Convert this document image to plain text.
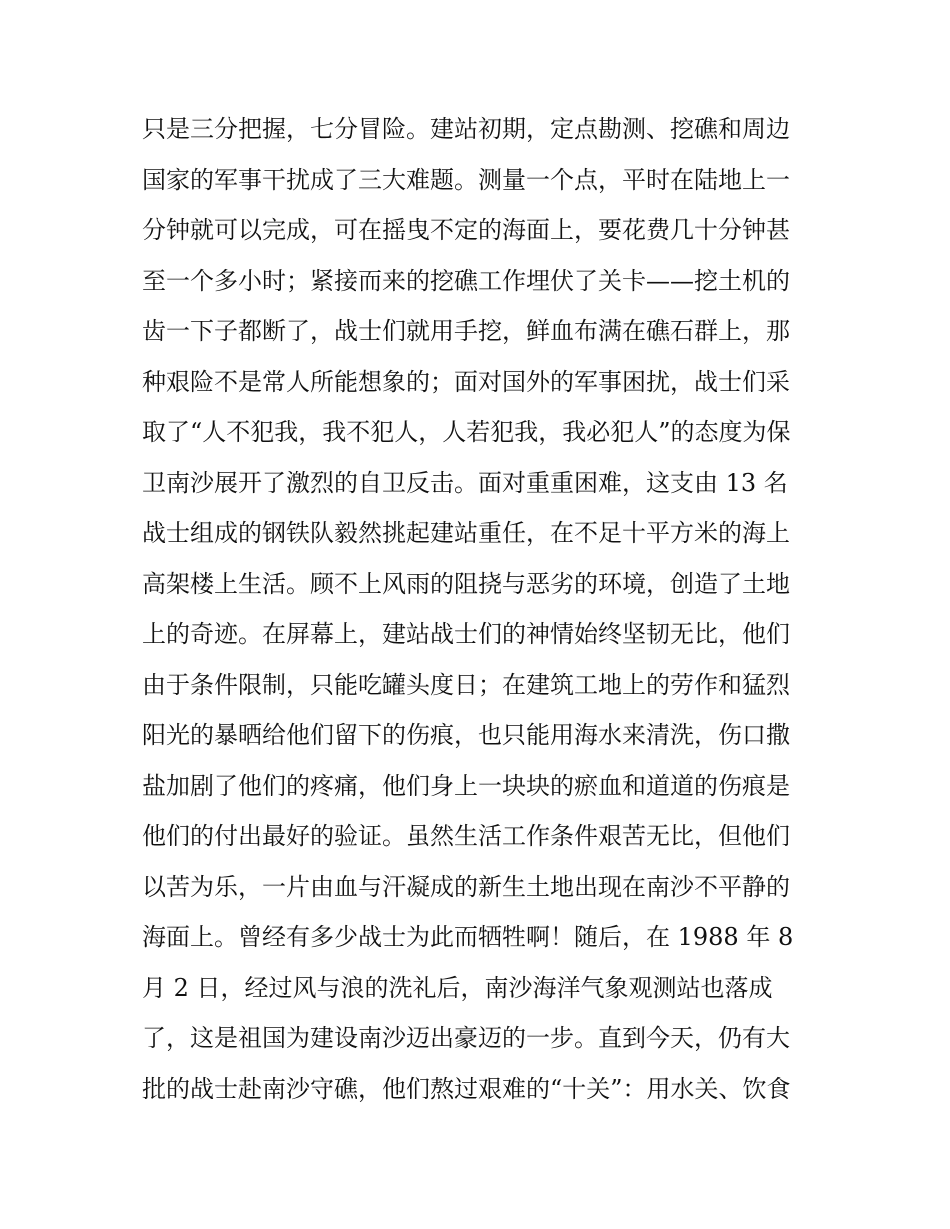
只是三分把握，七分冒险。建站初期，定点勘测、挖礁和周边
国家的军事干扰成了三大难题。测量一个点，平时在陆地上一
分钟就可以完成，可在摇曳不定的海面上，要花费几十分钟甚
至一个多小时；紧接而来的挖礁工作埋伏了关卡——挖土机的
齿一下子都断了，战士们就用手挖，鲜血布满在礁石群上，那
种艰险不是常人所能想象的；面对国外的军事困扰，战士们采
取了“人不犯我，我不犯人，人若犯我，我必犯人”的态度为保
卫南沙展开了激烈的自卫反击。面对重重困难，这支由 13 名
战士组成的钢铁队毅然挑起建站重任，在不足十平方米的海上
高架楼上生活。顾不上风雨的阻挠与恶劣的环境，创造了土地
上的奇迹。在屏幕上，建站战士们的神情始终坚韧无比，他们
由于条件限制，只能吃罐头度日；在建筑工地上的劳作和猛烈
阳光的暴晒给他们留下的伤痕，也只能用海水来清洗，伤口撒
盐加剧了他们的疼痛，他们身上一块块的瘀血和道道的伤痕是
他们的付出最好的验证。虽然生活工作条件艰苦无比，但他们
以苦为乐，一片由血与汗凝成的新生土地出现在南沙不平静的
海面上。曾经有多少战士为此而牺牲啊！随后，在 1988 年 8
月 2 日，经过风与浪的洗礼后，南沙海洋气象观测站也落成
了，这是祖国为建设南沙迈出豪迈的一步。直到今天，仍有大
批的战士赴南沙守礁，他们熬过艰难的“十关”：用水关、饮食
